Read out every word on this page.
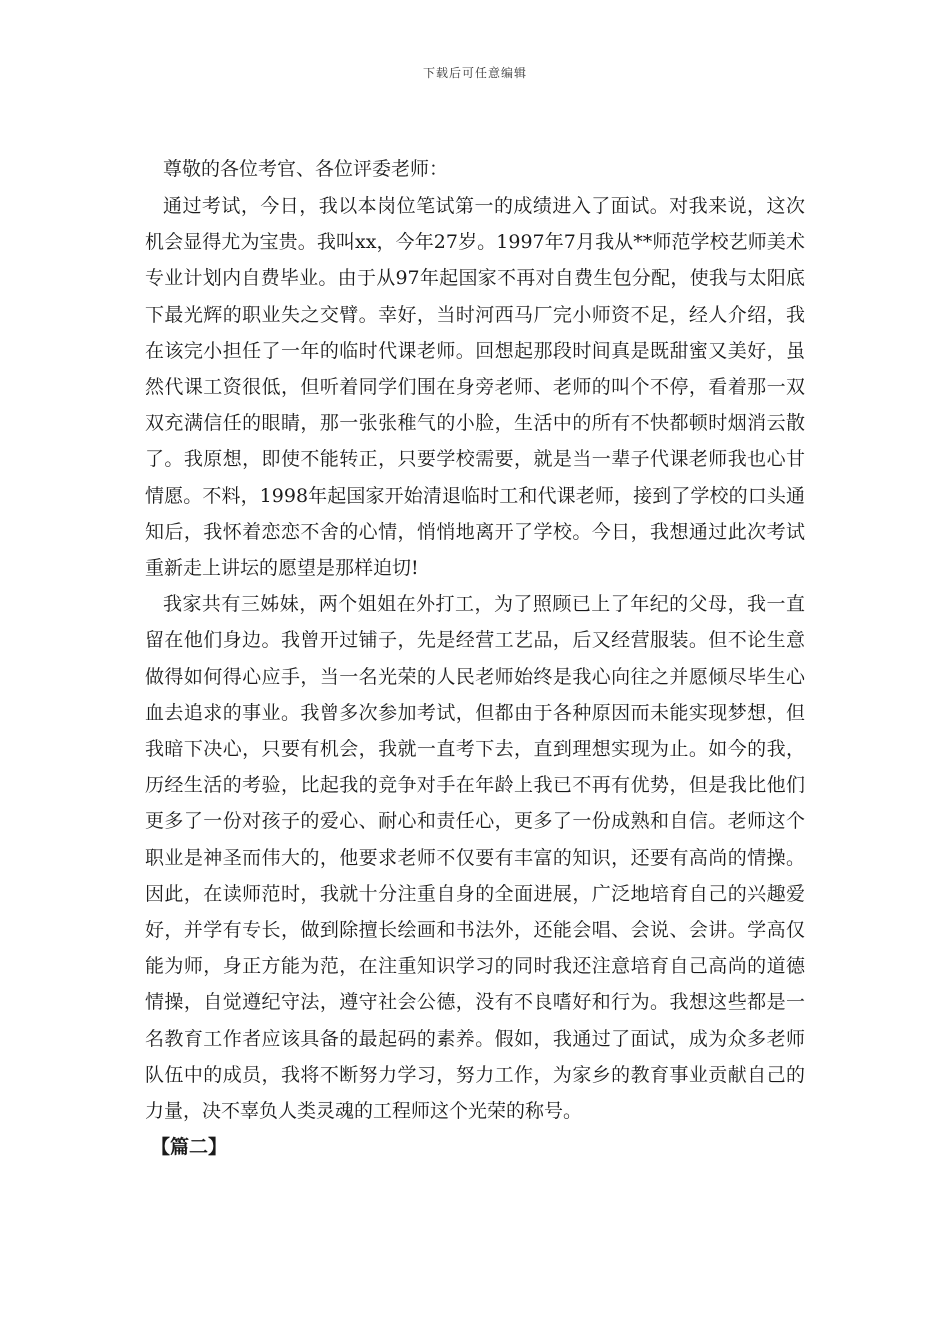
下载后可任意编辑

尊敬的各位考官、各位评委老师：

通过考试，今日，我以本岗位笔试第一的成绩进入了面试。对我来说，这次机会显得尤为宝贵。我叫xx，今年27岁。1997年7月我从**师范学校艺师美术专业计划内自费毕业。由于从97年起国家不再对自费生包分配，使我与太阳底下最光辉的职业失之交臂。幸好，当时河西马厂完小师资不足，经人介绍，我在该完小担任了一年的临时代课老师。回想起那段时间真是既甜蜜又美好，虽然代课工资很低，但听着同学们围在身旁老师、老师的叫个不停，看着那一双双充满信任的眼睛，那一张张稚气的小脸，生活中的所有不快都顿时烟消云散了。我原想，即使不能转正，只要学校需要，就是当一辈子代课老师我也心甘情愿。不料，1998年起国家开始清退临时工和代课老师，接到了学校的口头通知后，我怀着恋恋不舍的心情，悄悄地离开了学校。今日，我想通过此次考试重新走上讲坛的愿望是那样迫切!

我家共有三姊妹，两个姐姐在外打工，为了照顾已上了年纪的父母，我一直留在他们身边。我曾开过铺子，先是经营工艺品，后又经营服装。但不论生意做得如何得心应手，当一名光荣的人民老师始终是我心向往之并愿倾尽毕生心血去追求的事业。我曾多次参加考试，但都由于各种原因而未能实现梦想，但我暗下决心，只要有机会，我就一直考下去，直到理想实现为止。如今的我，历经生活的考验，比起我的竞争对手在年龄上我已不再有优势，但是我比他们更多了一份对孩子的爱心、耐心和责任心，更多了一份成熟和自信。老师这个职业是神圣而伟大的，他要求老师不仅要有丰富的知识，还要有高尚的情操。因此，在读师范时，我就十分注重自身的全面进展，广泛地培育自己的兴趣爱好，并学有专长，做到除擅长绘画和书法外，还能会唱、会说、会讲。学高仅能为师，身正方能为范，在注重知识学习的同时我还注意培育自己高尚的道德情操，自觉遵纪守法，遵守社会公德，没有不良嗜好和行为。我想这些都是一名教育工作者应该具备的最起码的素养。假如，我通过了面试，成为众多老师队伍中的成员，我将不断努力学习，努力工作，为家乡的教育事业贡献自己的力量，决不辜负人类灵魂的工程师这个光荣的称号。

【篇二】
